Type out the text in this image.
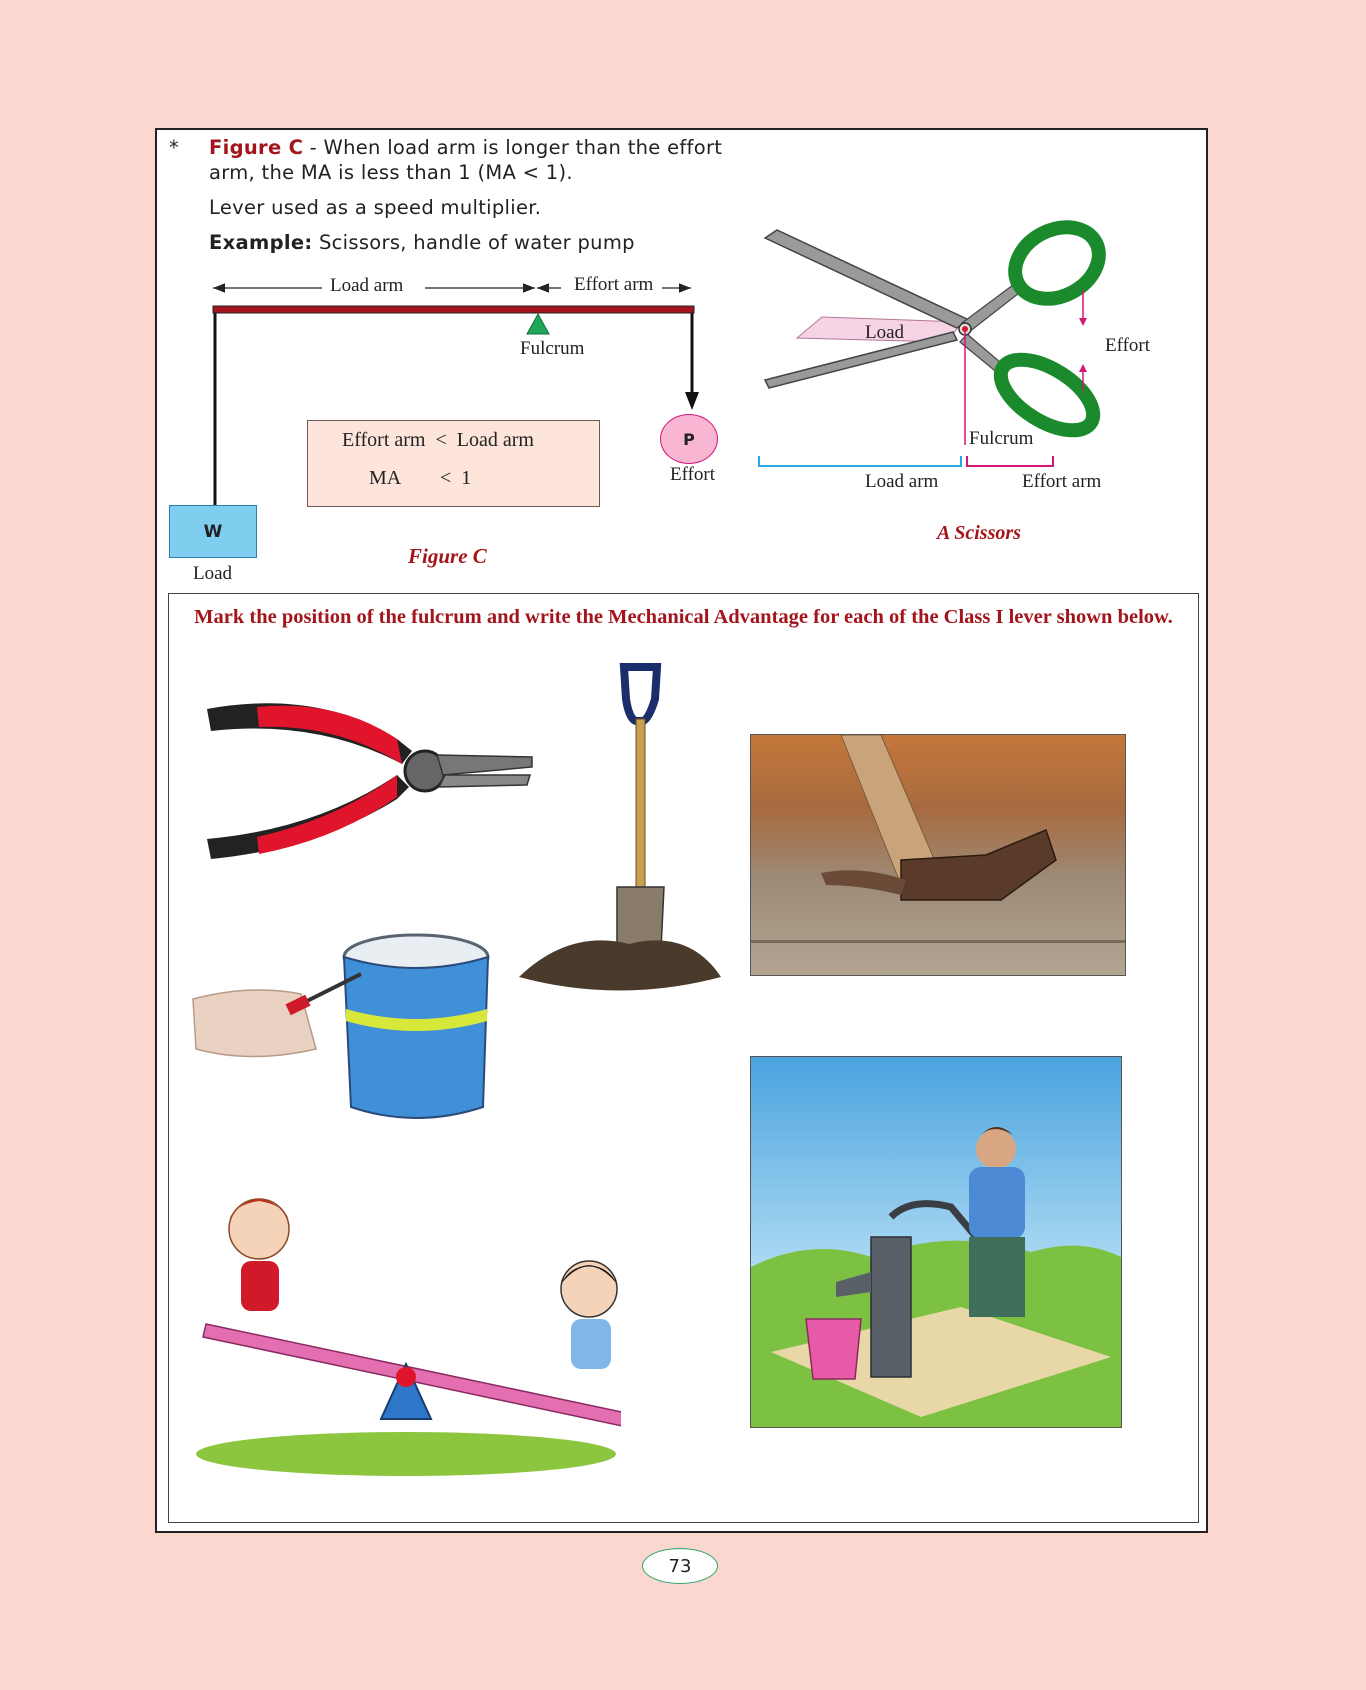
* Figure C - When load arm is longer than the effort
arm, the MA is less than 1 (MA < 1).
Lever used as a speed multiplier.
Example: Scissors, handle of water pump
Load arm	Effort arm
Fulcrum
Effort arm  <  Load arm
MA <  1
W
Load
P
Effort
Figure C
Load
Effort
Fulcrum
Load arm	Effort arm
A Scissors
Mark the position of the fulcrum and write the Mechanical Advantage for each of the Class I lever shown below.
73
